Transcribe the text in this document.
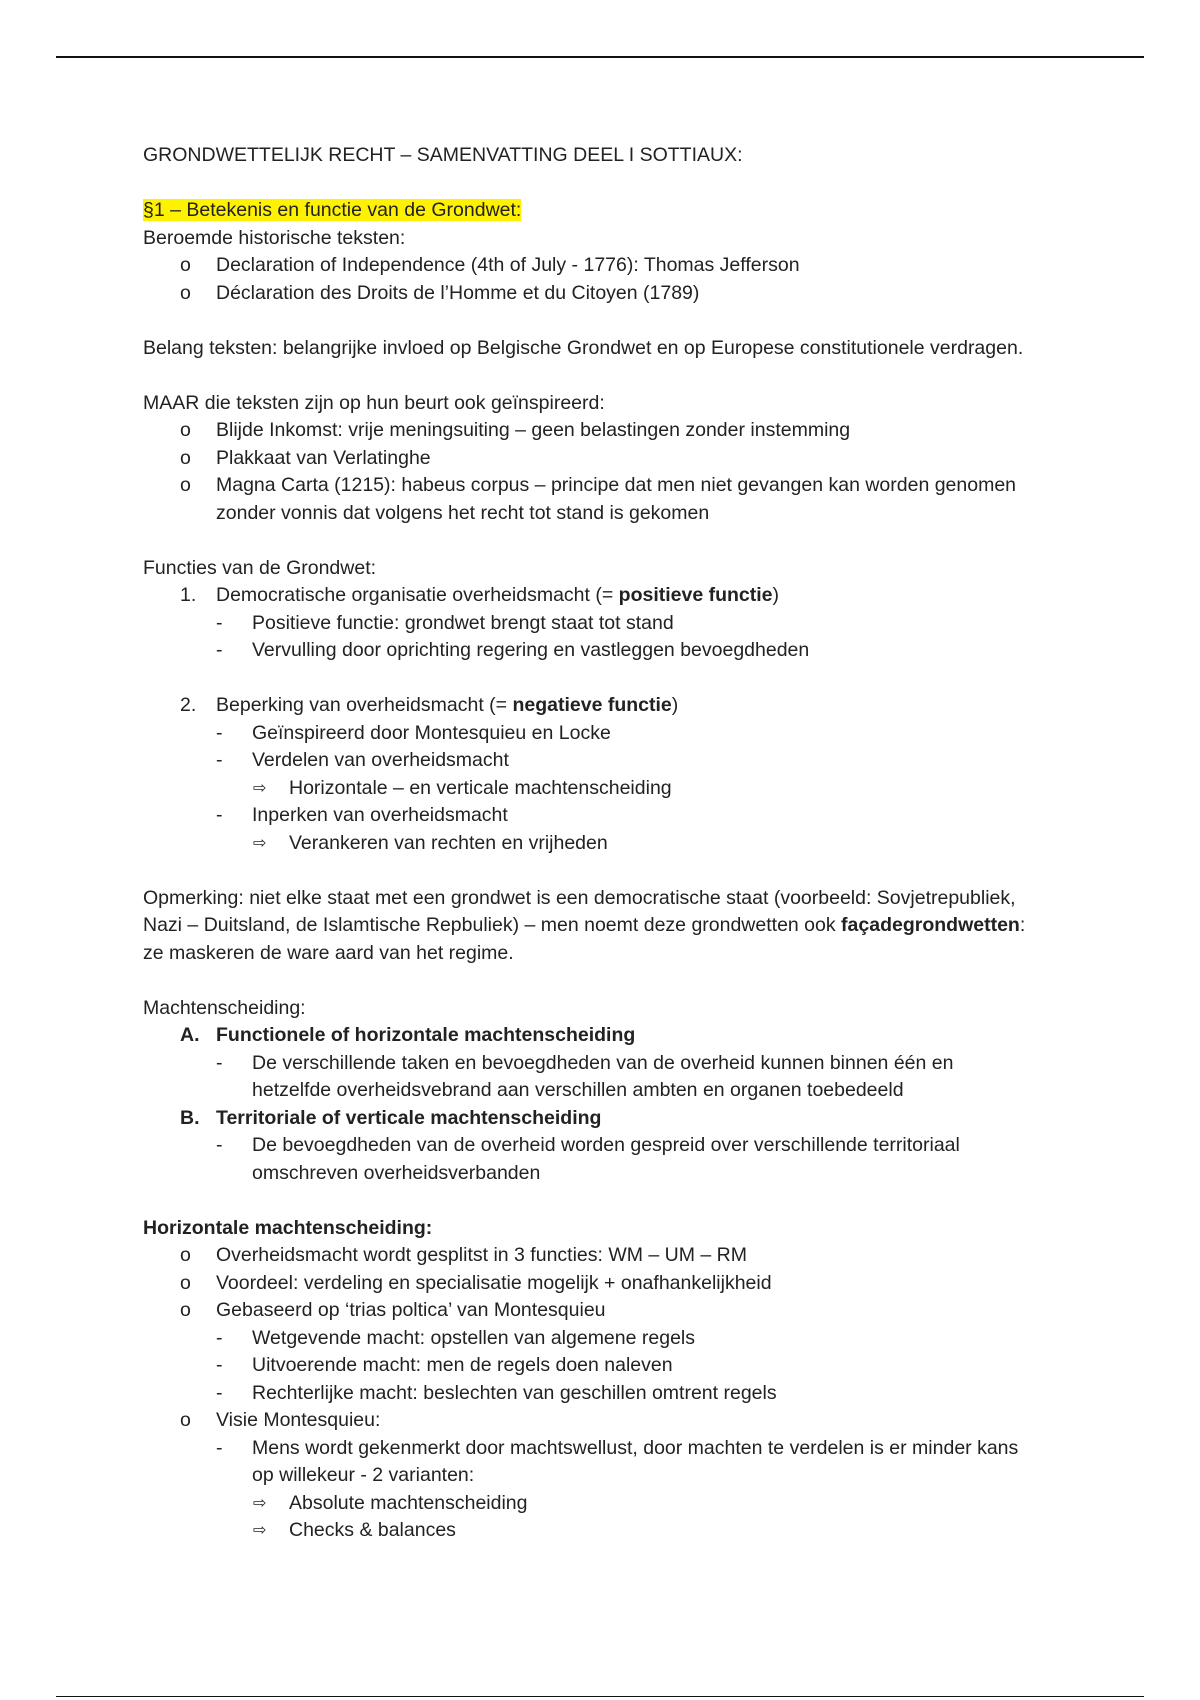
GRONDWETTELIJK RECHT – SAMENVATTING DEEL I SOTTIAUX:
§1 – Betekenis en functie van de Grondwet:
Beroemde historische teksten:
o	Declaration of Independence (4th of July - 1776): Thomas Jefferson
o	Déclaration des Droits de l’Homme et du Citoyen (1789)
Belang teksten: belangrijke invloed op Belgische Grondwet en op Europese constitutionele verdragen.
MAAR die teksten zijn op hun beurt ook geïnspireerd:
o	Blijde Inkomst: vrije meningsuiting – geen belastingen zonder instemming
o	Plakkaat van Verlatinghe
o	Magna Carta (1215): habeus corpus – principe dat men niet gevangen kan worden genomen zonder vonnis dat volgens het recht tot stand is gekomen
Functies van de Grondwet:
1.	Democratische organisatie overheidsmacht (= positieve functie)
-	Positieve functie: grondwet brengt staat tot stand
-	Vervulling door oprichting regering en vastleggen bevoegdheden
2.	Beperking van overheidsmacht (= negatieve functie)
-	Geïnspireerd door Montesquieu en Locke
-	Verdelen van overheidsmacht
⇨	Horizontale – en verticale machtenscheiding
-	Inperken van overheidsmacht
⇨	Verankeren van rechten en vrijheden
Opmerking: niet elke staat met een grondwet is een democratische staat (voorbeeld: Sovjetrepubliek,
Nazi – Duitsland, de Islamtische Repbuliek) – men noemt deze grondwetten ook façadegrondwetten:
ze maskeren de ware aard van het regime.
Machtenscheiding:
A. Functionele of horizontale machtenscheiding
-	De verschillende taken en bevoegdheden van de overheid kunnen binnen één en hetzelfde overheidsvebrand aan verschillen ambten en organen toebedeeld
B. Territoriale of verticale machtenscheiding
-	De bevoegdheden van de overheid worden gespreid over verschillende territoriaal omschreven overheidsverbanden
Horizontale machtenscheiding:
o	Overheidsmacht wordt gesplitst in 3 functies: WM – UM – RM
o	Voordeel: verdeling en specialisatie mogelijk + onafhankelijkheid
o	Gebaseerd op ‘trias poltica’ van Montesquieu
-	Wetgevende macht: opstellen van algemene regels
-	Uitvoerende macht: men de regels doen naleven
-	Rechterlijke macht: beslechten van geschillen omtrent regels
o	Visie Montesquieu:
-	Mens wordt gekenmerkt door machtswellust, door machten te verdelen is er minder kans op willekeur - 2 varianten:
⇨	Absolute machtenscheiding
⇨	Checks & balances
